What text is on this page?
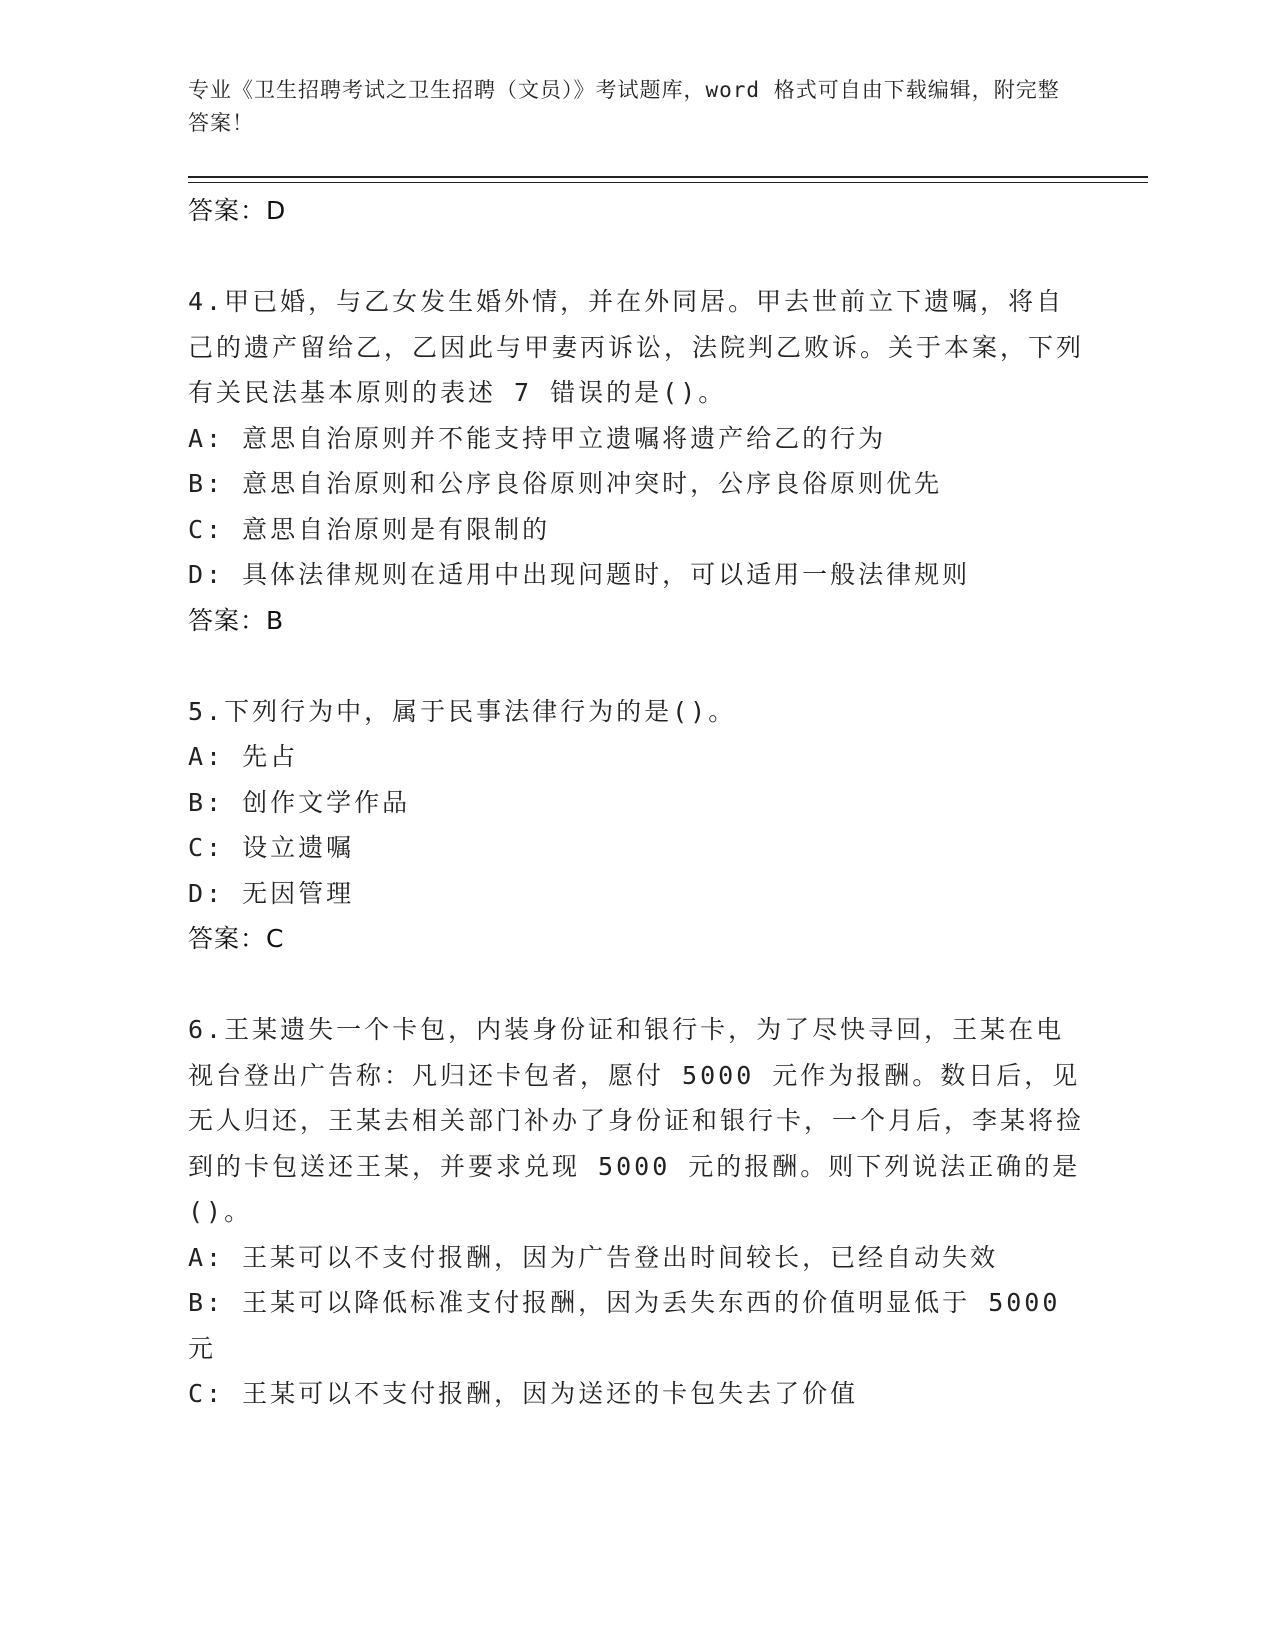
专业《卫生招聘考试之卫生招聘（文员）》考试题库，word 格式可自由下载编辑，附完整答案！
答案：D
4.甲已婚，与乙女发生婚外情，并在外同居。甲去世前立下遗嘱，将自己的遗产留给乙，乙因此与甲妻丙诉讼，法院判乙败诉。关于本案，下列有关民法基本原则的表述 7 错误的是()。
A: 意思自治原则并不能支持甲立遗嘱将遗产给乙的行为
B: 意思自治原则和公序良俗原则冲突时，公序良俗原则优先
C: 意思自治原则是有限制的
D: 具体法律规则在适用中出现问题时，可以适用一般法律规则
答案：B
5.下列行为中，属于民事法律行为的是()。
A: 先占
B: 创作文学作品
C: 设立遗嘱
D: 无因管理
答案：C
6.王某遗失一个卡包，内装身份证和银行卡，为了尽快寻回，王某在电视台登出广告称：凡归还卡包者，愿付 5000 元作为报酬。数日后，见无人归还，王某去相关部门补办了身份证和银行卡，一个月后，李某将捡到的卡包送还王某，并要求兑现 5000 元的报酬。则下列说法正确的是()。
A: 王某可以不支付报酬，因为广告登出时间较长，已经自动失效
B: 王某可以降低标准支付报酬，因为丢失东西的价值明显低于 5000 元
C: 王某可以不支付报酬，因为送还的卡包失去了价值
